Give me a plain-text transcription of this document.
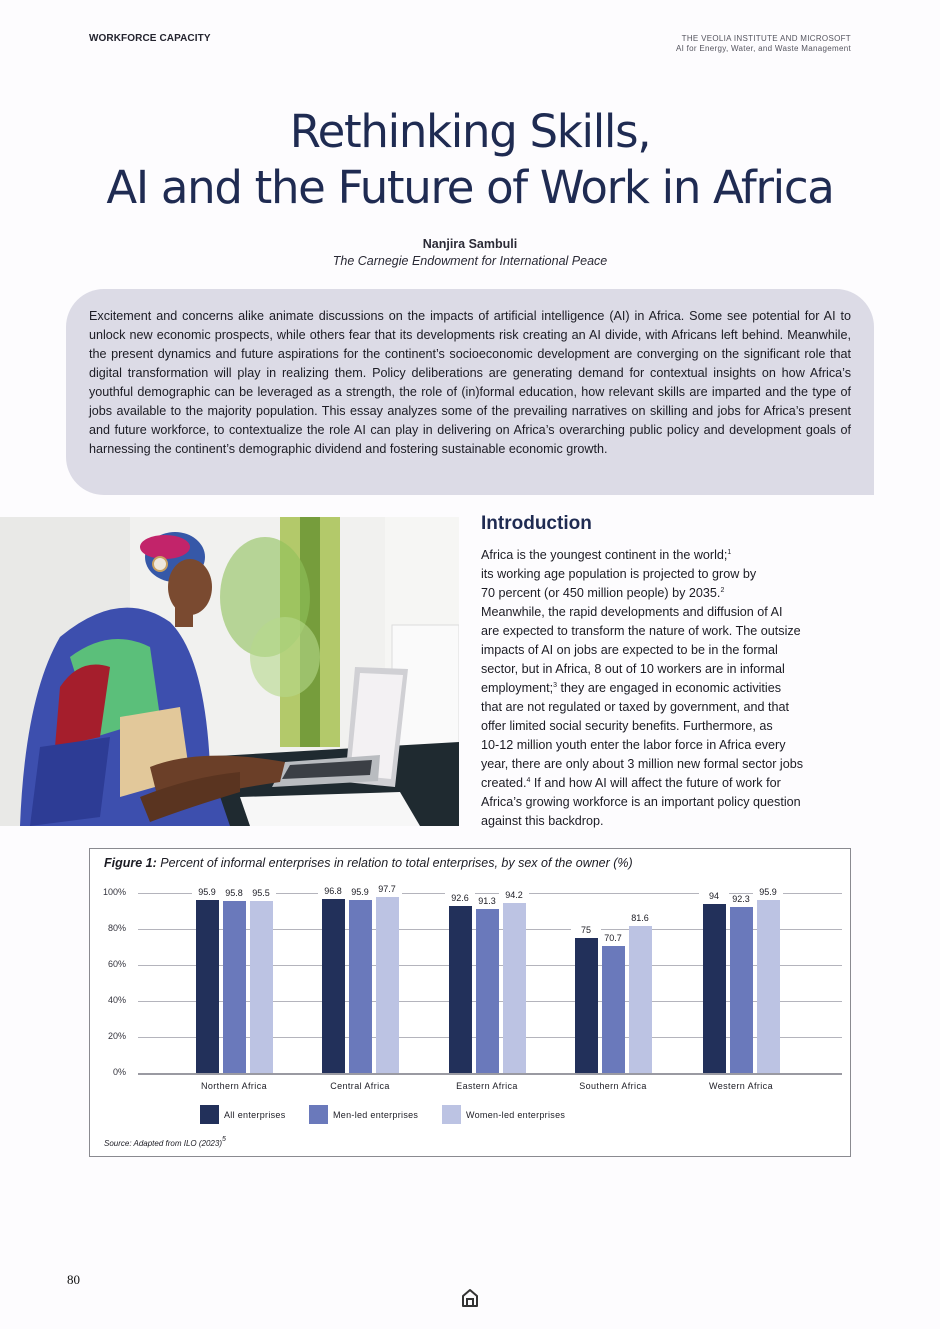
WORKFORCE CAPACITY	THE VEOLIA INSTITUTE AND MICROSOFT
AI for Energy, Water, and Waste Management
Rethinking Skills,
AI and the Future of Work in Africa
Nanjira Sambuli
The Carnegie Endowment for International Peace

Excitement and concerns alike animate discussions on the impacts of artificial intelligence (AI) in Africa. Some see potential for AI to unlock new economic prospects, while others fear that its developments risk creating an AI divide, with Africans left behind. Meanwhile, the present dynamics and future aspirations for the continent’s socioeconomic development are converging on the significant role that digital transformation will play in realizing them. Policy deliberations are generating demand for contextual insights on how Africa’s youthful demographic can be leveraged as a strength, the role of (in)formal education, how relevant skills are imparted and the type of jobs available to the majority population. This essay analyzes some of the prevailing narratives on skilling and jobs for Africa’s present and future workforce, to contextualize the role AI can play in delivering on Africa’s overarching public policy and development goals of harnessing the continent’s demographic dividend and fostering sustainable economic growth.

Introduction
Africa is the youngest continent in the world;$^1$
its working age population is projected to grow by
70 percent (or 450 million people) by 2035.$^2$
Meanwhile, the rapid developments and diffusion of AI
are expected to transform the nature of work. The outsize
impacts of AI on jobs are expected to be in the formal
sector, but in Africa, 8 out of 10 workers are in informal
employment;$^3$ they are engaged in economic activities
that are not regulated or taxed by government, and that
offer limited social security benefits. Furthermore, as
10-12 million youth enter the labor force in Africa every
year, there are only about 3 million new formal sector jobs
created.$^4$ If and how AI will affect the future of work for
Africa’s growing workforce is an important policy question
against this backdrop.
0%
20%
40%
60%
80%
100%	95.9	95.8	95.5
Northern Africa
96.8	95.9	97.7
Central Africa
92.6	91.3
94.2
Eastern Africa
75
70.7
81.6
Southern Africa
94	92.3
95.9
Western Africa
All enterprises	Men-led enterprises	Women-led enterprises
Figure 1: Percent of informal enterprises in relation to total enterprises, by sex of the owner (%)
Source: Adapted from ILO $(2023)^5$
80
